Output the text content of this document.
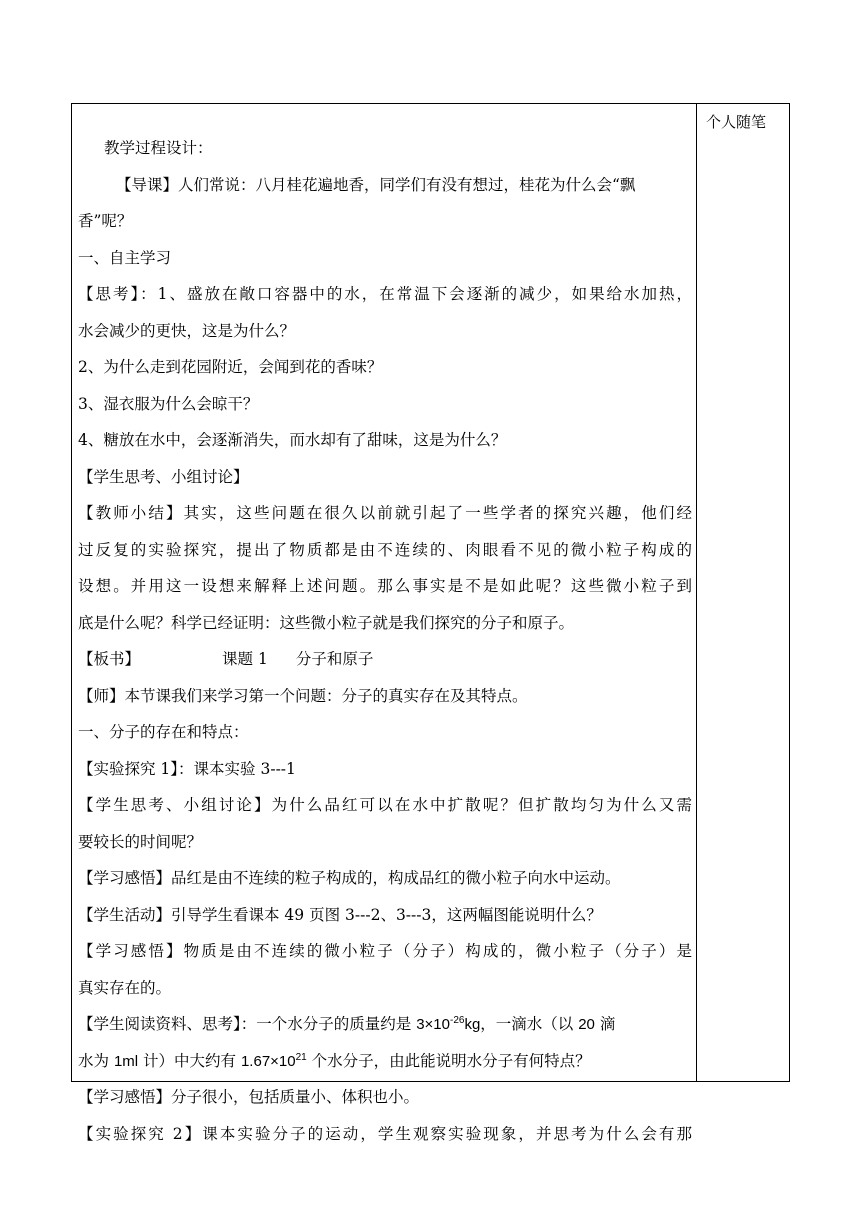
个人随笔
教学过程设计：
【导课】人们常说：八月桂花遍地香，同学们有没有想过，桂花为什么会“飘
香”呢？
一、自主学习
【思考】：1、盛放在敞口容器中的水，在常温下会逐渐的减少，如果给水加热，
水会减少的更快，这是为什么？
2、为什么走到花园附近，会闻到花的香味？
3、湿衣服为什么会晾干？
4、糖放在水中，会逐渐消失，而水却有了甜味，这是为什么？
【学生思考、小组讨论】
【教师小结】其实，这些问题在很久以前就引起了一些学者的探究兴趣，他们经
过反复的实验探究，提出了物质都是由不连续的、肉眼看不见的微小粒子构成的
设想。并用这一设想来解释上述问题。那么事实是不是如此呢？这些微小粒子到
底是什么呢？科学已经证明：这些微小粒子就是我们探究的分子和原子。
【板书】	课题 1 分子和原子
【师】本节课我们来学习第一个问题：分子的真实存在及其特点。
一、分子的存在和特点：
【实验探究 1】：课本实验 3---1
【学生思考、小组讨论】为什么品红可以在水中扩散呢？但扩散均匀为什么又需
要较长的时间呢？
【学习感悟】品红是由不连续的粒子构成的，构成品红的微小粒子向水中运动。
【学生活动】引导学生看课本 49 页图 3---2、3---3，这两幅图能说明什么？
【学习感悟】物质是由不连续的微小粒子（分子）构成的，微小粒子（分子）是
真实存在的。
【学生阅读资料、思考】：一个水分子的质量约是 $3\times 10^{-26}kg$，一滴水（以 20 滴
水为 1ml 计）中大约有 $1.67\times 10^{21}$ 个水分子，由此能说明水分子有何特点？
【学习感悟】分子很小，包括质量小、体积也小。
【实验探究 2】课本实验分子的运动，学生观察实验现象，并思考为什么会有那
